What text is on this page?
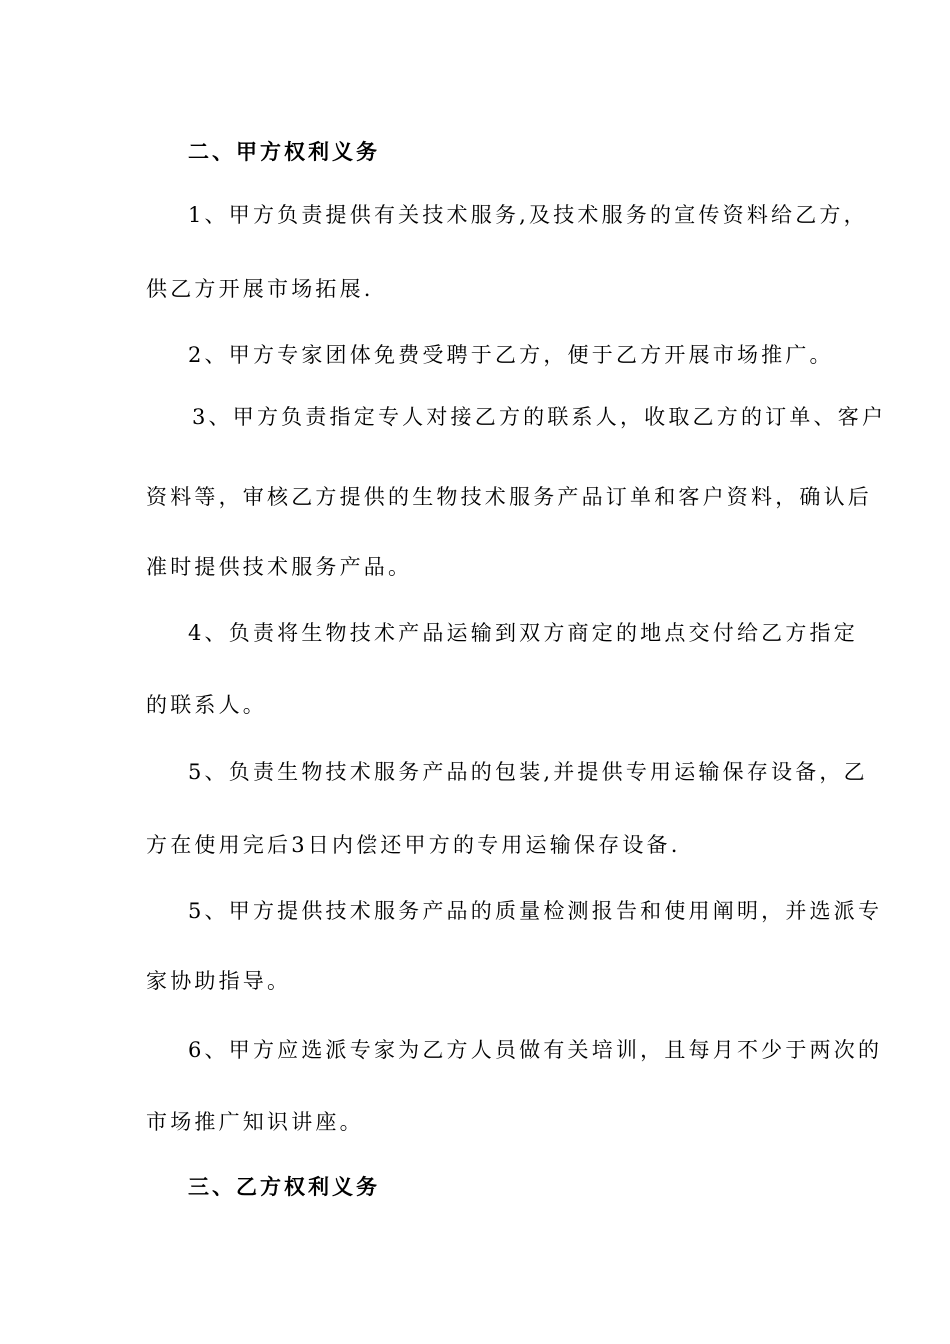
二、甲方权利义务
1、甲方负责提供有关技术服务,及技术服务的宣传资料给乙方，
供乙方开展市场拓展.
2、甲方专家团体免费受聘于乙方，便于乙方开展市场推广。
3、甲方负责指定专人对接乙方的联系人，收取乙方的订单、客户
资料等，审核乙方提供的生物技术服务产品订单和客户资料，确认后
准时提供技术服务产品。
4、负责将生物技术产品运输到双方商定的地点交付给乙方指定
的联系人。
5、负责生物技术服务产品的包装,并提供专用运输保存设备，乙
方在使用完后3日内偿还甲方的专用运输保存设备.
5、甲方提供技术服务产品的质量检测报告和使用阐明，并选派专
家协助指导。
6、甲方应选派专家为乙方人员做有关培训，且每月不少于两次的
市场推广知识讲座。
三、乙方权利义务
